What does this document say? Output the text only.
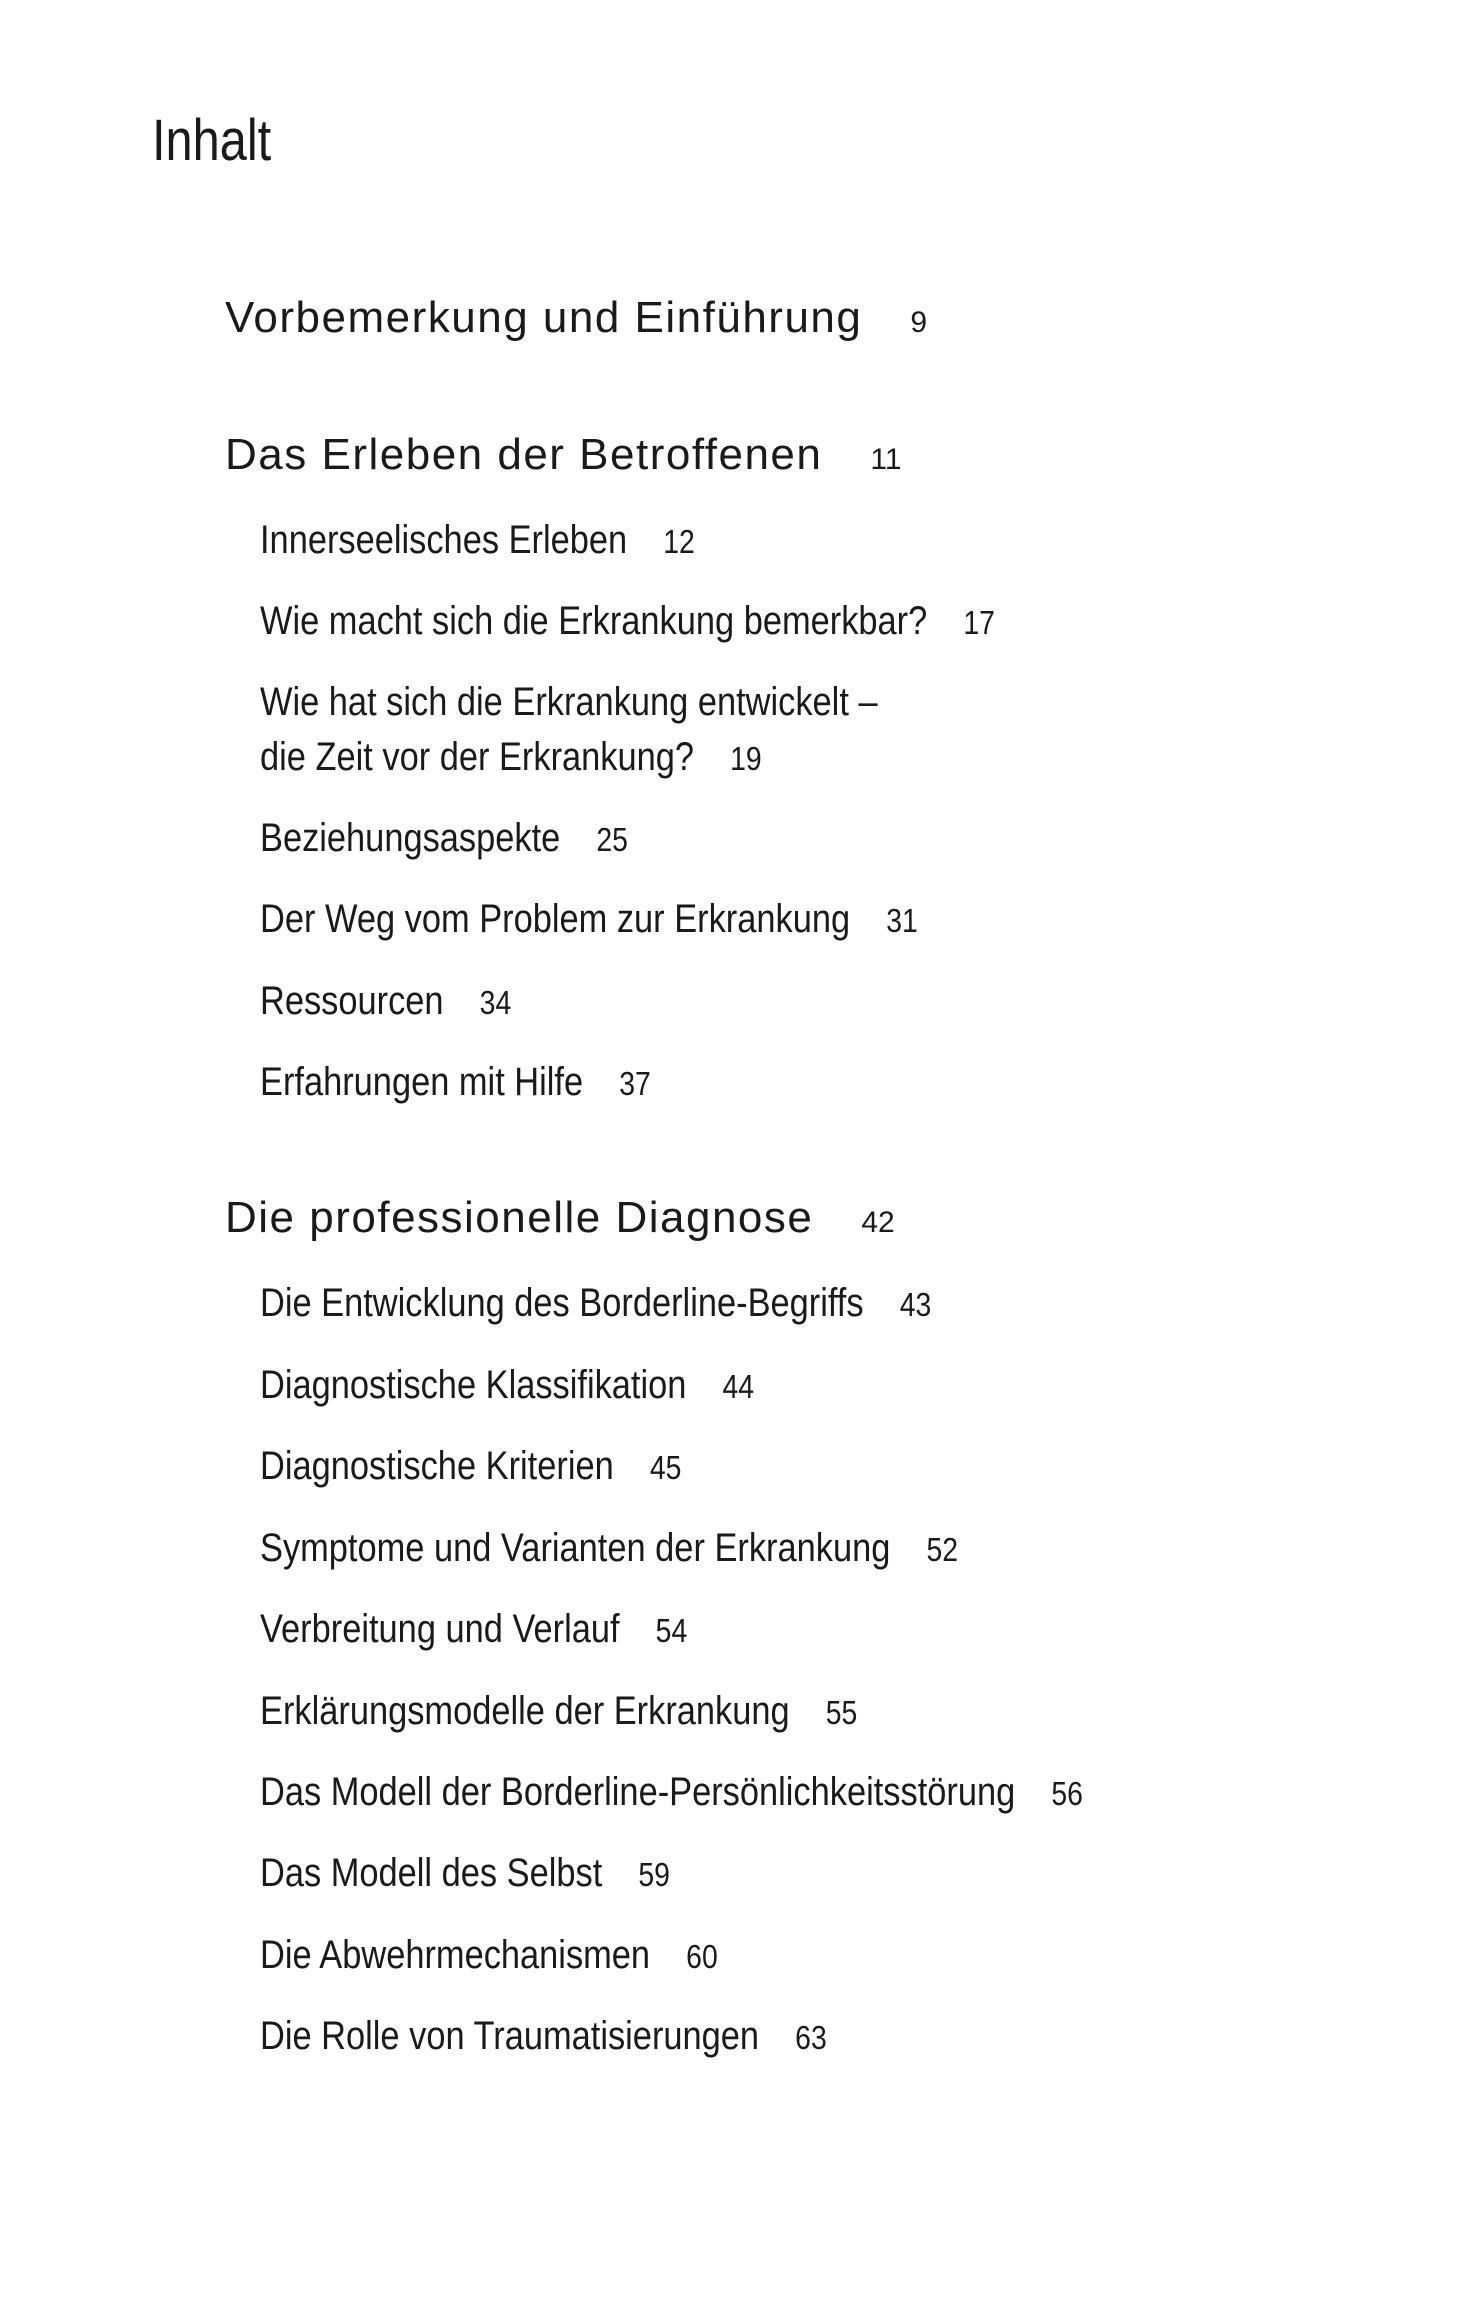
Inhalt
Vorbemerkung und Einführung 9
Das Erleben der Betroffenen 11
Innerseelisches Erleben 12
Wie macht sich die Erkrankung bemerkbar? 17
Wie hat sich die Erkrankung entwickelt –
die Zeit vor der Erkrankung? 19
Beziehungsaspekte 25
Der Weg vom Problem zur Erkrankung 31
Ressourcen 34
Erfahrungen mit Hilfe 37
Die professionelle Diagnose 42
Die Entwicklung des Borderline-Begriffs 43
Diagnostische Klassifikation 44
Diagnostische Kriterien 45
Symptome und Varianten der Erkrankung 52
Verbreitung und Verlauf 54
Erklärungsmodelle der Erkrankung 55
Das Modell der Borderline-Persönlichkeitsstörung 56
Das Modell des Selbst 59
Die Abwehrmechanismen 60
Die Rolle von Traumatisierungen 63
